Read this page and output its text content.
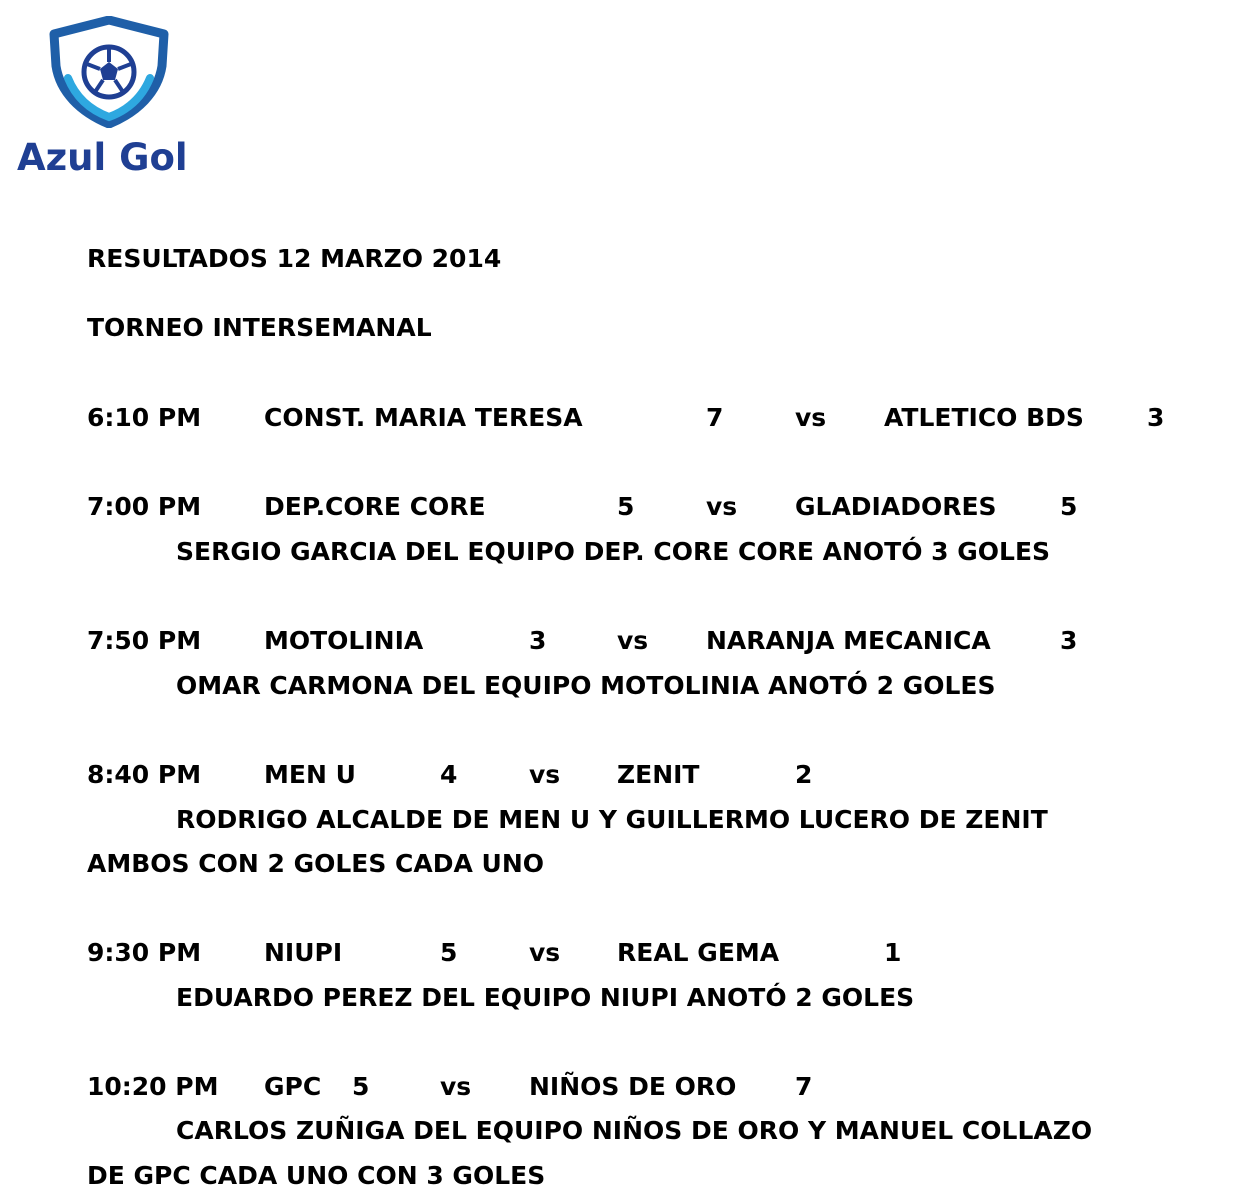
Azul Gol
RESULTADOS 12 MARZO 2014
TORNEO INTERSEMANAL
6:10 PM	CONST. MARIA TERESA	7	vs ATLETICO BDS	3
7:00 PM	DEP.CORE CORE	5	vs GLADIADORES	5
SERGIO GARCIA DEL EQUIPO DEP. CORE CORE ANOTÓ 3 GOLES
7:50 PM	MOTOLINIA	3	vs NARANJA MECANICA	3
OMAR CARMONA DEL EQUIPO MOTOLINIA ANOTÓ 2 GOLES
8:40 PM	MEN U	4	vs ZENIT	2
RODRIGO ALCALDE DE MEN U Y GUILLERMO LUCERO DE ZENIT
AMBOS CON 2 GOLES CADA UNO
9:30 PM	NIUPI	5	vs REAL GEMA	1
EDUARDO PEREZ DEL EQUIPO NIUPI ANOTÓ 2 GOLES
10:20 PM GPC 5	vs NIÑOS DE ORO 7
CARLOS ZUÑIGA DEL EQUIPO NIÑOS DE ORO Y MANUEL COLLAZO
DE GPC CADA UNO CON 3 GOLES
